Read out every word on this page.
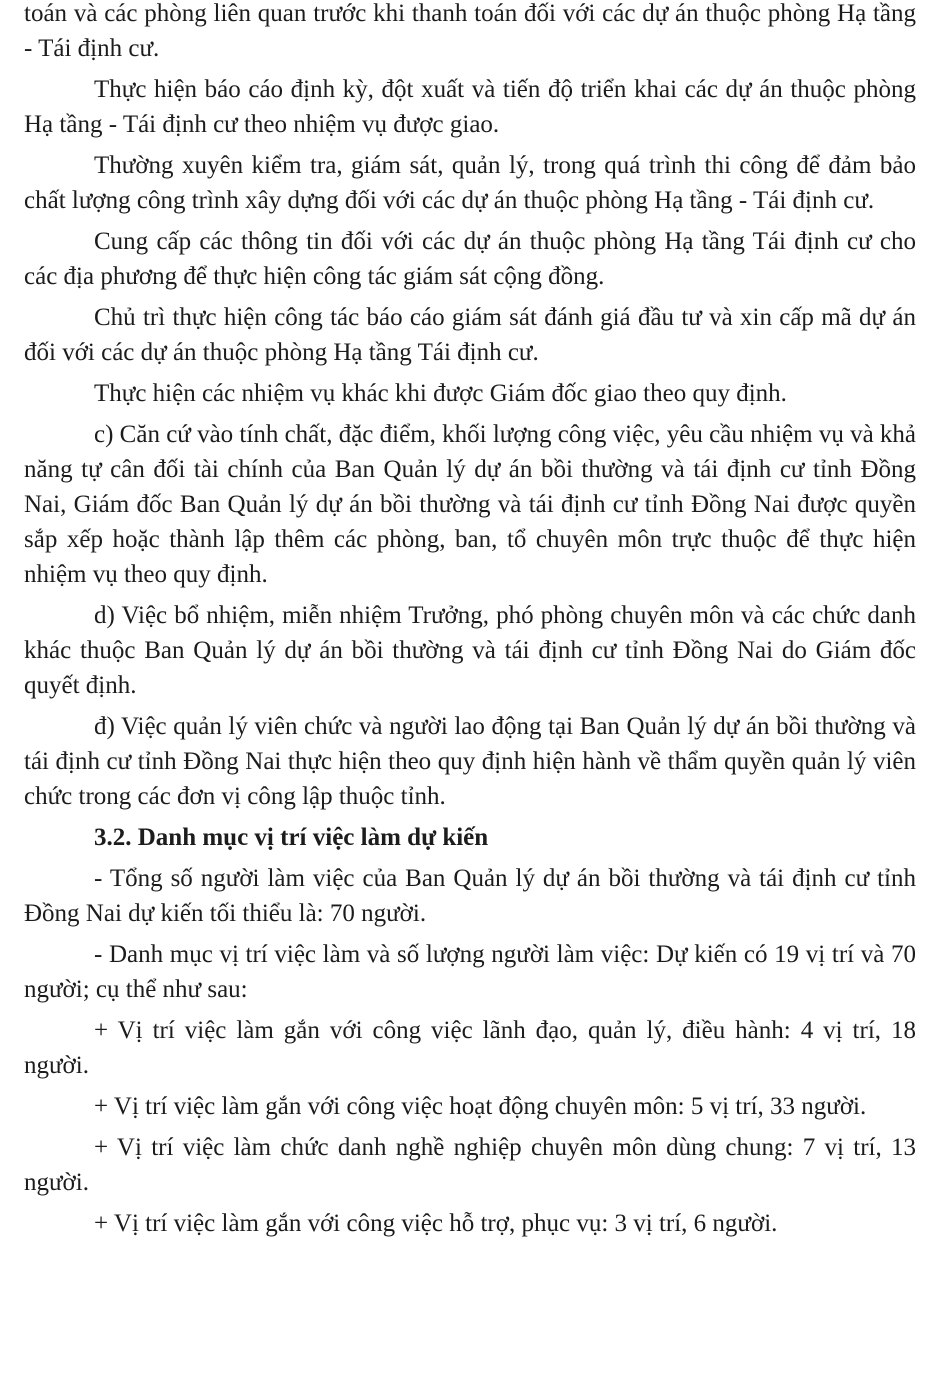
toán và các phòng liên quan trước khi thanh toán đối với các dự án thuộc phòng Hạ tầng - Tái định cư.

Thực hiện báo cáo định kỳ, đột xuất và tiến độ triển khai các dự án thuộc phòng Hạ tầng - Tái định cư theo nhiệm vụ được giao.

Thường xuyên kiểm tra, giám sát, quản lý, trong quá trình thi công để đảm bảo chất lượng công trình xây dựng đối với các dự án thuộc phòng Hạ tầng - Tái định cư.

Cung cấp các thông tin đối với các dự án thuộc phòng Hạ tầng Tái định cư cho các địa phương để thực hiện công tác giám sát cộng đồng.

Chủ trì thực hiện công tác báo cáo giám sát đánh giá đầu tư và xin cấp mã dự án đối với các dự án thuộc phòng Hạ tầng Tái định cư.

Thực hiện các nhiệm vụ khác khi được Giám đốc giao theo quy định.

c) Căn cứ vào tính chất, đặc điểm, khối lượng công việc, yêu cầu nhiệm vụ và khả năng tự cân đối tài chính của Ban Quản lý dự án bồi thường và tái định cư tỉnh Đồng Nai, Giám đốc Ban Quản lý dự án bồi thường và tái định cư tỉnh Đồng Nai được quyền sắp xếp hoặc thành lập thêm các phòng, ban, tổ chuyên môn trực thuộc để thực hiện nhiệm vụ theo quy định.

d) Việc bổ nhiệm, miễn nhiệm Trưởng, phó phòng chuyên môn và các chức danh khác thuộc Ban Quản lý dự án bồi thường và tái định cư tỉnh Đồng Nai do Giám đốc quyết định.

đ) Việc quản lý viên chức và người lao động tại Ban Quản lý dự án bồi thường và tái định cư tỉnh Đồng Nai thực hiện theo quy định hiện hành về thẩm quyền quản lý viên chức trong các đơn vị công lập thuộc tỉnh.

3.2. Danh mục vị trí việc làm dự kiến

- Tổng số người làm việc của Ban Quản lý dự án bồi thường và tái định cư tỉnh Đồng Nai dự kiến tối thiểu là: 70 người.

- Danh mục vị trí việc làm và số lượng người làm việc: Dự kiến có 19 vị trí và 70 người; cụ thể như sau:

+ Vị trí việc làm gắn với công việc lãnh đạo, quản lý, điều hành: 4 vị trí, 18 người.

+ Vị trí việc làm gắn với công việc hoạt động chuyên môn: 5 vị trí, 33 người.

+ Vị trí việc làm chức danh nghề nghiệp chuyên môn dùng chung: 7 vị trí, 13 người.

+ Vị trí việc làm gắn với công việc hỗ trợ, phục vụ: 3 vị trí, 6 người.
